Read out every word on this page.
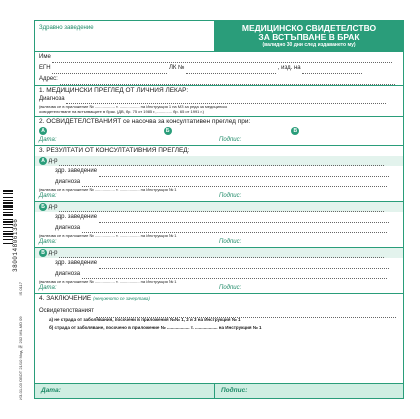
3800148061366
IS 0117
ИЗ-01-03 ОБОТ 21/10 Мод.№ 202 МЧ-МО 09
Здравно заведение	МЕДИЦИНСКО СВИДЕТЕЛСТВО
ЗА ВСТЪПВАНЕ В БРАК
(валидно 30 дни след издаването му)
Име
ЕГН	ЛК №	, изд. на
Адрес:
1. МЕДИЦИНСКИ ПРЕГЛЕД ОТ ЛИЧНИЯ ЛЕКАР:
Диагноза
(включва се в приложение № .................. т. .................. на Инструкция 1 на МЗ за реда за медицинско
освидетелстване на встъпващите в брак. (ДВ, бр. 75 от 1985 г.,.............. бр. 65 от 1991 г.)
2. ОСВИДЕТЕЛСТВАНИЯТ се насочва за консултативен преглед при:
А	Б	В
Дата:	Подпис:
3. РЕЗУЛТАТИ ОТ КОНСУЛТАТИВНИЯ ПРЕГЛЕД:
А д-р
здр. заведение
диагноза
(включва се в приложение № .................. т. .................. на Инструкция № 1
Дата:	Подпис:
Б д-р
здр. заведение
диагноза
(включва се в приложение № .................. т. .................. на Инструкция № 1
Дата:	Подпис:
В д-р
здр. заведение
диагноза
(включва се в приложение № .................. т. .................. на Инструкция № 1
Дата:	Подпис:
4. ЗАКЛЮЧЕНИЕ (ненужното се зачертава)
Освидетелстваният
а) не страда от заболявания, посочени в приложения №№ 1, 2 и 3 на Инструкция № 1
б) страда от заболяване, посочено в приложение № .................. т. .................. на Инструкция № 1
Дата:	Подпис:
